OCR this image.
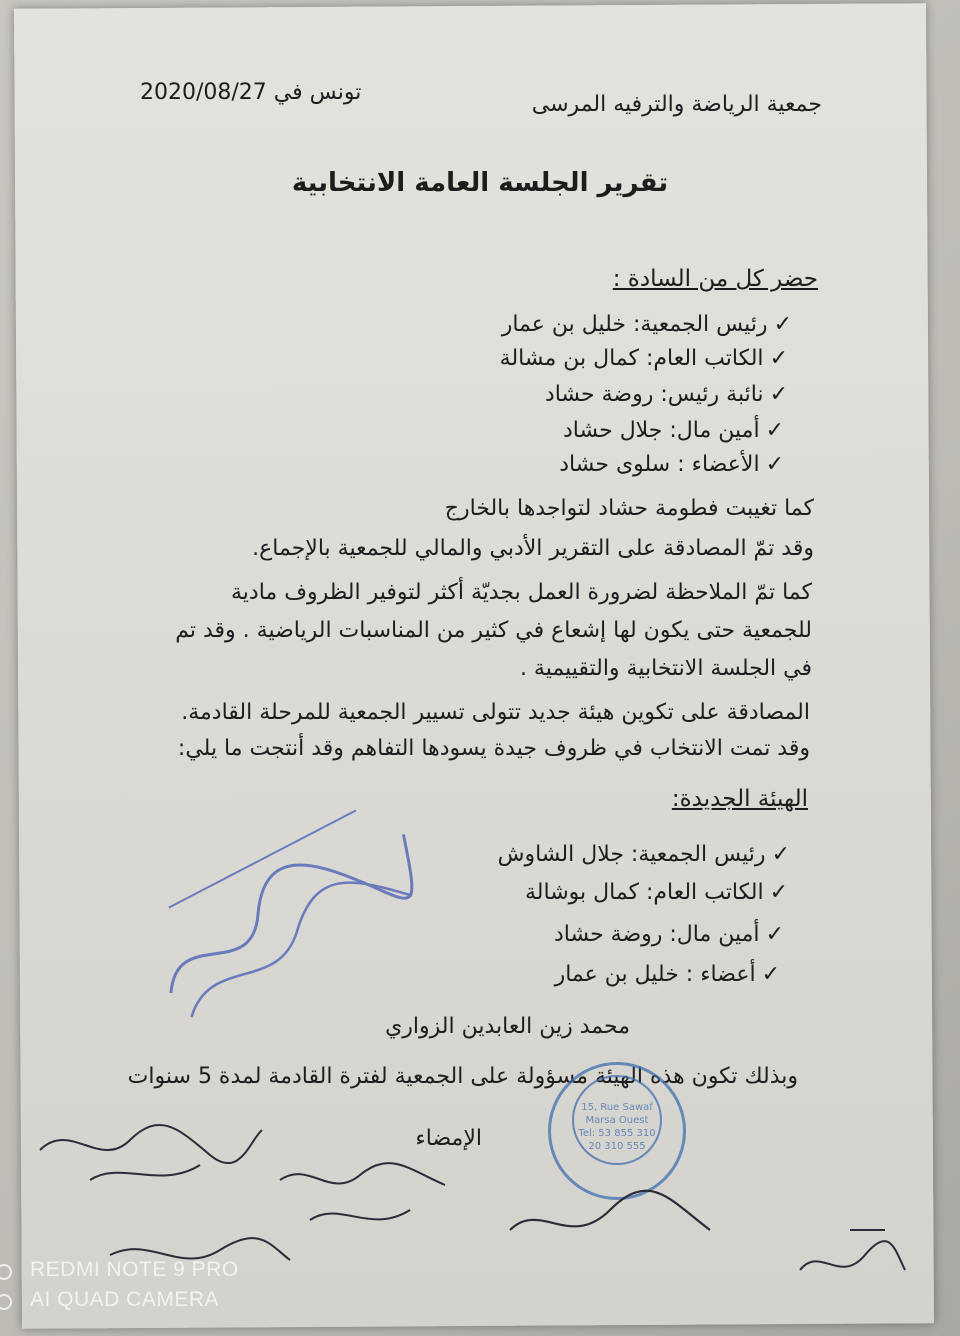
جمعية الرياضة والترفيه المرسى
تونس في 2020/08/27
تقرير الجلسة العامة الانتخابية
حضر كل من السادة :
✓رئيس الجمعية: خليل بن عمار
✓الكاتب العام: كمال بن مشالة
✓نائبة رئيس: روضة حشاد
✓أمين مال: جلال حشاد
✓الأعضاء : سلوى حشاد
كما تغيبت فطومة حشاد لتواجدها بالخارج
وقد تمّ المصادقة على التقرير الأدبي والمالي للجمعية بالإجماع.
كما تمّ الملاحظة لضرورة العمل بجديّة أكثر لتوفير الظروف مادية
للجمعية حتى يكون لها إشعاع في كثير من المناسبات الرياضية . وقد تم
في الجلسة الانتخابية والتقييمية .
المصادقة على تكوين هيئة جديد تتولى تسيير الجمعية للمرحلة القادمة.
وقد تمت الانتخاب في ظروف جيدة يسودها التفاهم وقد أنتجت ما يلي:
الهيئة الجديدة:
✓رئيس الجمعية: جلال الشاوش
✓الكاتب العام: كمال بوشالة
✓أمين مال: روضة حشاد
✓أعضاء : خليل بن عمار
محمد زين العابدين الزواري
وبذلك تكون هذه الهيئة مسؤولة على الجمعية لفترة القادمة لمدة 5 سنوات
الإمضاء
15, Rue Sawaf
Marsa Ouest
Tel: 53 855 310
20 310 555
REDMI NOTE 9 PRO
AI QUAD CAMERA
